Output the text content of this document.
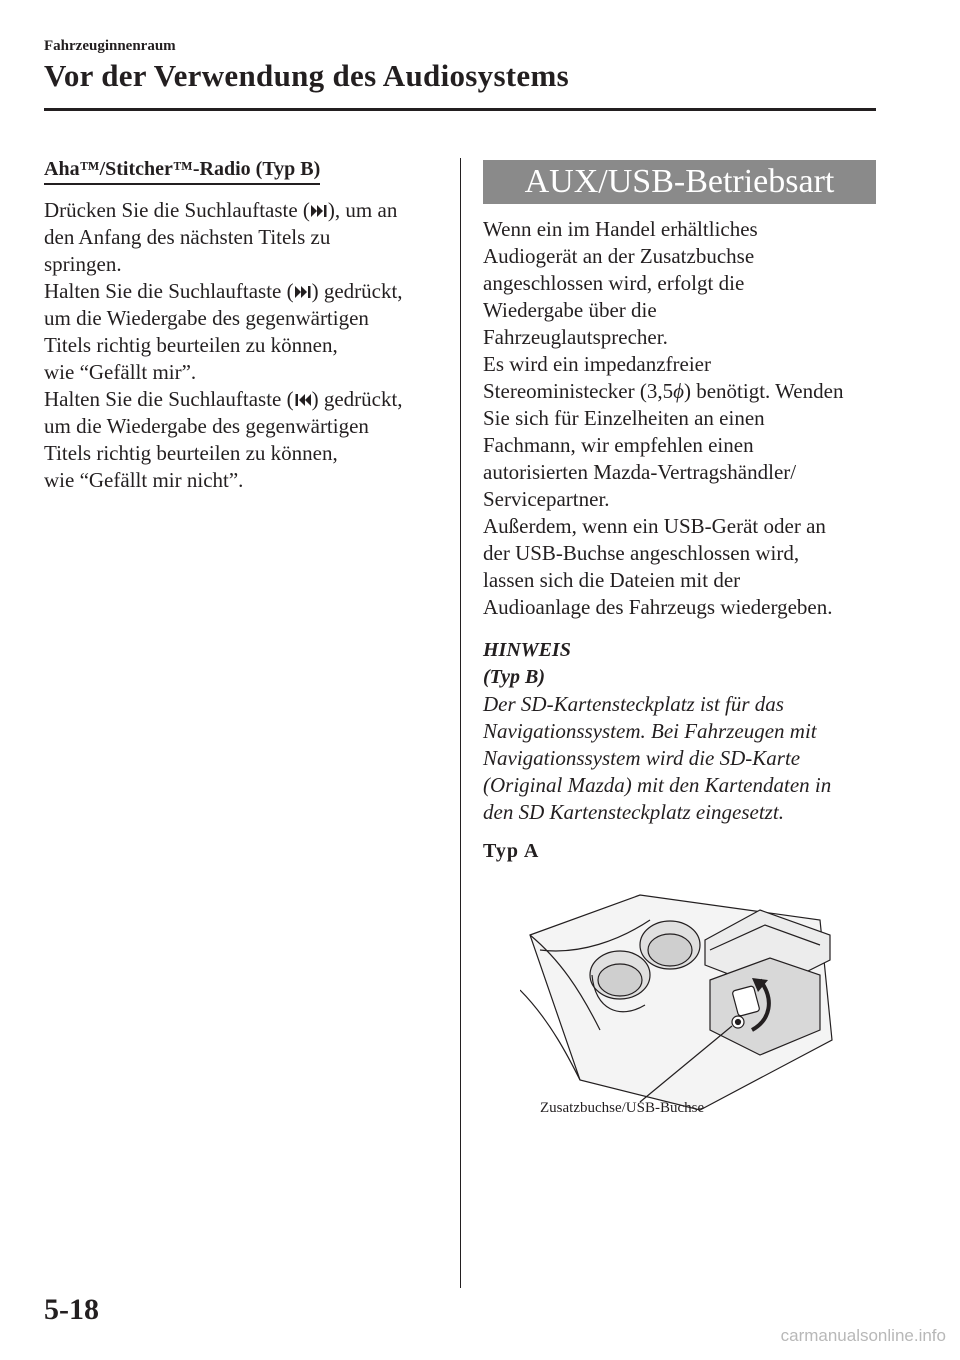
Fahrzeuginnenraum
Vor der Verwendung des Audiosystems
Aha™/Stitcher™-Radio (Typ B)

Drücken Sie die Suchlauftaste ( ), um an
den Anfang des nächsten Titels zu
springen.

Halten Sie die Suchlauftaste ( ) gedrückt,
um die Wiedergabe des gegenwärtigen
Titels richtig beurteilen zu können,
wie “Gefällt mir”.

Halten Sie die Suchlauftaste ( ) gedrückt,
um die Wiedergabe des gegenwärtigen
Titels richtig beurteilen zu können,
wie “Gefällt mir nicht”.

AUX/USB-Betriebsart
Wenn ein im Handel erhältliches
Audiogerät an der Zusatzbuchse
angeschlossen wird, erfolgt die
Wiedergabe über die
Fahrzeuglautsprecher.
Es wird ein impedanzfreier
Stereoministecker (3,5ϕ) benötigt. Wenden
Sie sich für Einzelheiten an einen
Fachmann, wir empfehlen einen
autorisierten Mazda-Vertragshändler/
Servicepartner.
Außerdem, wenn ein USB-Gerät oder an
der USB-Buchse angeschlossen wird,
lassen sich die Dateien mit der
Audioanlage des Fahrzeugs wiedergeben.
HINWEIS
(Typ B)
Der SD-Kartensteckplatz ist für das
Navigationssystem. Bei Fahrzeugen mit
Navigationssystem wird die SD-Karte
(Original Mazda) mit den Kartendaten in
den SD Kartensteckplatz eingesetzt.
Typ A
Zusatzbuchse/USB-Buchse
5-18
carmanualsonline.info
